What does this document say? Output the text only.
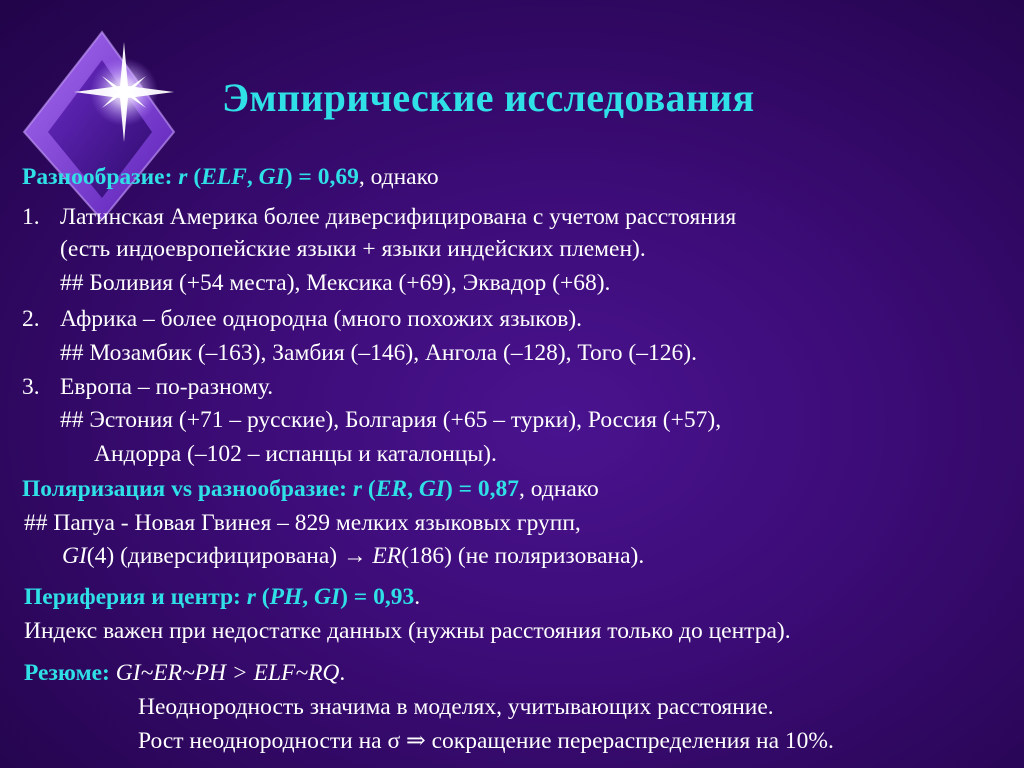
Эмпирические исследования
Разнообразие: r (ELF, GI) = 0,69, однако
1. Латинская Америка более диверсифицирована с учетом расстояния
(есть индоевропейские языки + языки индейских племен).
## Боливия (+54 места), Мексика (+69), Эквадор (+68).
2. Африка – более однородна (много похожих языков).
## Мозамбик (–163), Замбия (–146), Ангола (–128), Того (–126).
3. Европа – по-разному.
## Эстония (+71 – русские), Болгария (+65 – турки), Россия (+57),
Андорра (–102 – испанцы и каталонцы).
Поляризация vs разнообразие: r (ER, GI) = 0,87, однако
## Папуа - Новая Гвинея – 829 мелких языковых групп,
GI(4) (диверсифицирована) → ER(186) (не поляризована).
Периферия и центр: r (PH, GI) = 0,93.
Индекс важен при недостатке данных (нужны расстояния только до центра).
Резюме: GI~ER~PH > ELF~RQ.
Неоднородность значима в моделях, учитывающих расстояние.
Рост неоднородности на σ ⇒ сокращение перераспределения на 10%.
